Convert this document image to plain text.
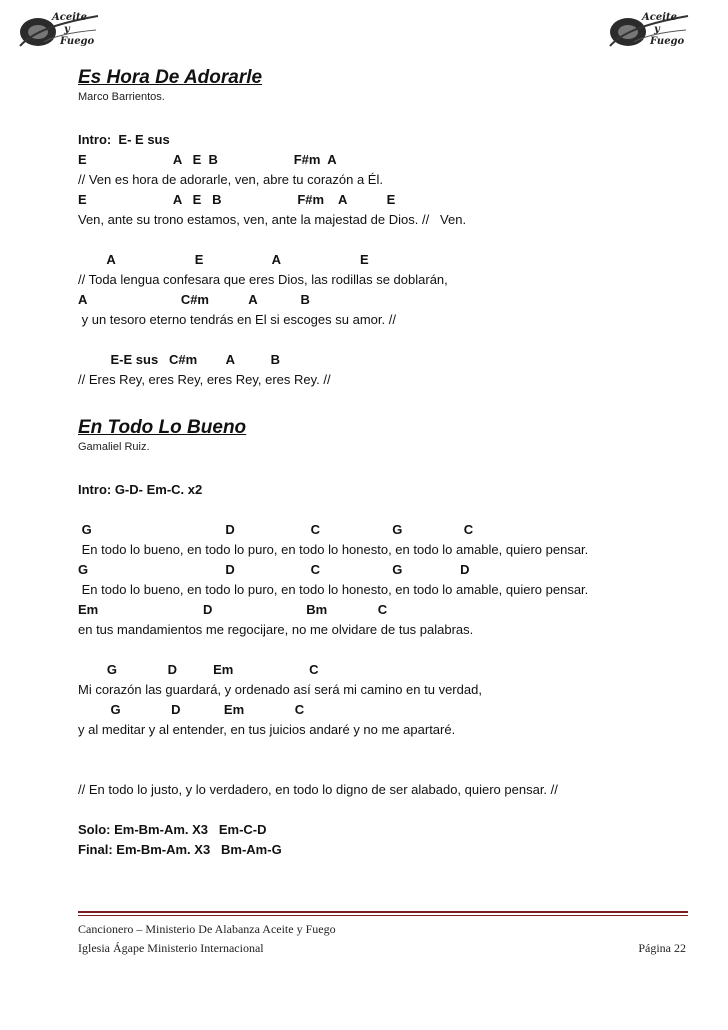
Aceite
y
Fuego
Aceite
y
Fuego
Es Hora De Adorarle

Marco Barrientos.

Intro:  E- E sus

E                        A   E  B                     F#m  A

// Ven es hora de adorarle, ven, abre tu corazón a Él.

E                        A   E   B                     F#m    A           E

Ven, ante su trono estamos, ven, ante la majestad de Dios. //   Ven.

A                      E                   A                      E

// Toda lengua confesara que eres Dios, las rodillas se doblarán,

A                          C#m           A            B

y un tesoro eterno tendrás en El si escoges su amor. //

E-E sus   C#m        A          B

// Eres Rey, eres Rey, eres Rey, eres Rey. //

En Todo Lo Bueno

Gamaliel Ruiz.

Intro: G-D- Em-C. x2

G                                     D                     C                    G                 C

En todo lo bueno, en todo lo puro, en todo lo honesto, en todo lo amable, quiero pensar.

G                                      D                     C                    G                D

En todo lo bueno, en todo lo puro, en todo lo honesto, en todo lo amable, quiero pensar.

Em                             D                          Bm              C

en tus mandamientos me regocijare, no me olvidare de tus palabras.

G              D          Em                     C

Mi corazón las guardará, y ordenado así será mi camino en tu verdad,

G              D            Em              C

y al meditar y al entender, en tus juicios andaré y no me apartaré.

// En todo lo justo, y lo verdadero, en todo lo digno de ser alabado, quiero pensar. //

Solo: Em-Bm-Am. X3   Em-C-D

Final: Em-Bm-Am. X3   Bm-Am-G

Cancionero – Ministerio De Alabanza Aceite y Fuego
Iglesia Ágape Ministerio Internacional	Página 22
